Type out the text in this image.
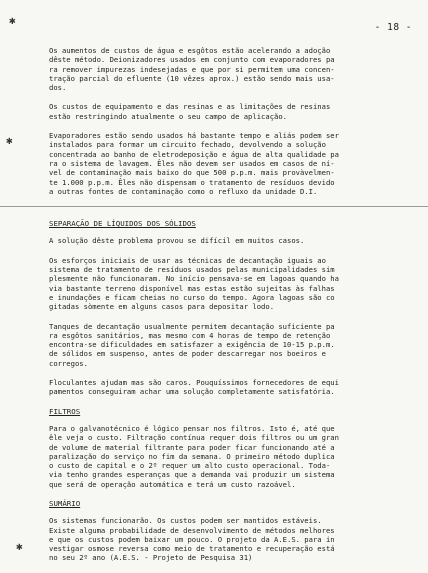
- 18 -
✱
✱
✱
Os aumentos de custos de água e esgôtos estão acelerando a adoção
dêste método. Deionizadores usados em conjunto com evaporadores pa
ra remover impurezas indesejadas e que por si permitem uma concen-
tração parcial do efluente (10 vêzes aprox.) estão sendo mais usa-
dos.
Os custos de equipamento e das resinas e as limitações de resinas
estão restringindo atualmente o seu campo de aplicação.
Evaporadores estão sendo usados há bastante tempo e aliás podem ser
instalados para formar um circuito fechado, devolvendo a solução
concentrada ao banho de eletrodeposição e água de alta qualidade pa
ra o sistema de lavagem. Êles não devem ser usados em casos de ní-
vel de contaminação mais baixo do que 500 p.p.m. mais provàvelmen-
te 1.000 p.p.m. Êles não dispensam o tratamento de resíduos devido
a outras fontes de contaminação como o refluxo da unidade D.I.
SEPARAÇÃO DE LÍQUIDOS DOS SÓLIDOS
A solução dêste problema provou se difícil em muitos casos.
Os esforços iniciais de usar as técnicas de decantação iguais ao
sistema de tratamento de resíduos usados pelas municipalidades sim
plesmente não funcionaram. No início pensava-se em lagoas quando ha
via bastante terreno disponível mas estas estão sujeitas às falhas
e inundações e ficam cheias no curso do tempo. Agora lagoas são co
gitadas sòmente em alguns casos para depositar lodo.
Tanques de decantação usualmente permitem decantação suficiente pa
ra esgôtos sanitários, mas mesmo com 4 horas de tempo de retenção
encontra-se dificuldades em satisfazer a exigência de 10-15 p.p.m.
de sólidos em suspenso, antes de poder descarregar nos boeiros e
corregos.
Floculantes ajudam mas são caros. Pouquíssimos fornecedores de equi
pamentos conseguiram achar uma solução completamente satisfatória.
FILTROS
Para o galvanotécnico é lógico pensar nos filtros. Isto é, até que
êle veja o custo. Filtração contínua requer dois filtros ou um gran
de volume de material filtrante para poder ficar funcionando até a
paralização do serviço no fim da semana. O primeiro método duplica
o custo de capital e o 2º requer um alto custo operacional. Toda-
via tenho grandes esperanças que a demanda vai produzir um sistema
que será de operação automática e terá um custo razoável.
SUMÁRIO
Os sistemas funcionarão. Os custos podem ser mantidos estáveis.
Existe alguma probabilidade de desenvolvimento de métodos melhores
e que os custos podem baixar um pouco. O projeto da A.E.S. para in
vestigar osmose reversa como meio de tratamento e recuperação está
no seu 2º ano (A.E.S. - Projeto de Pesquisa 31)
